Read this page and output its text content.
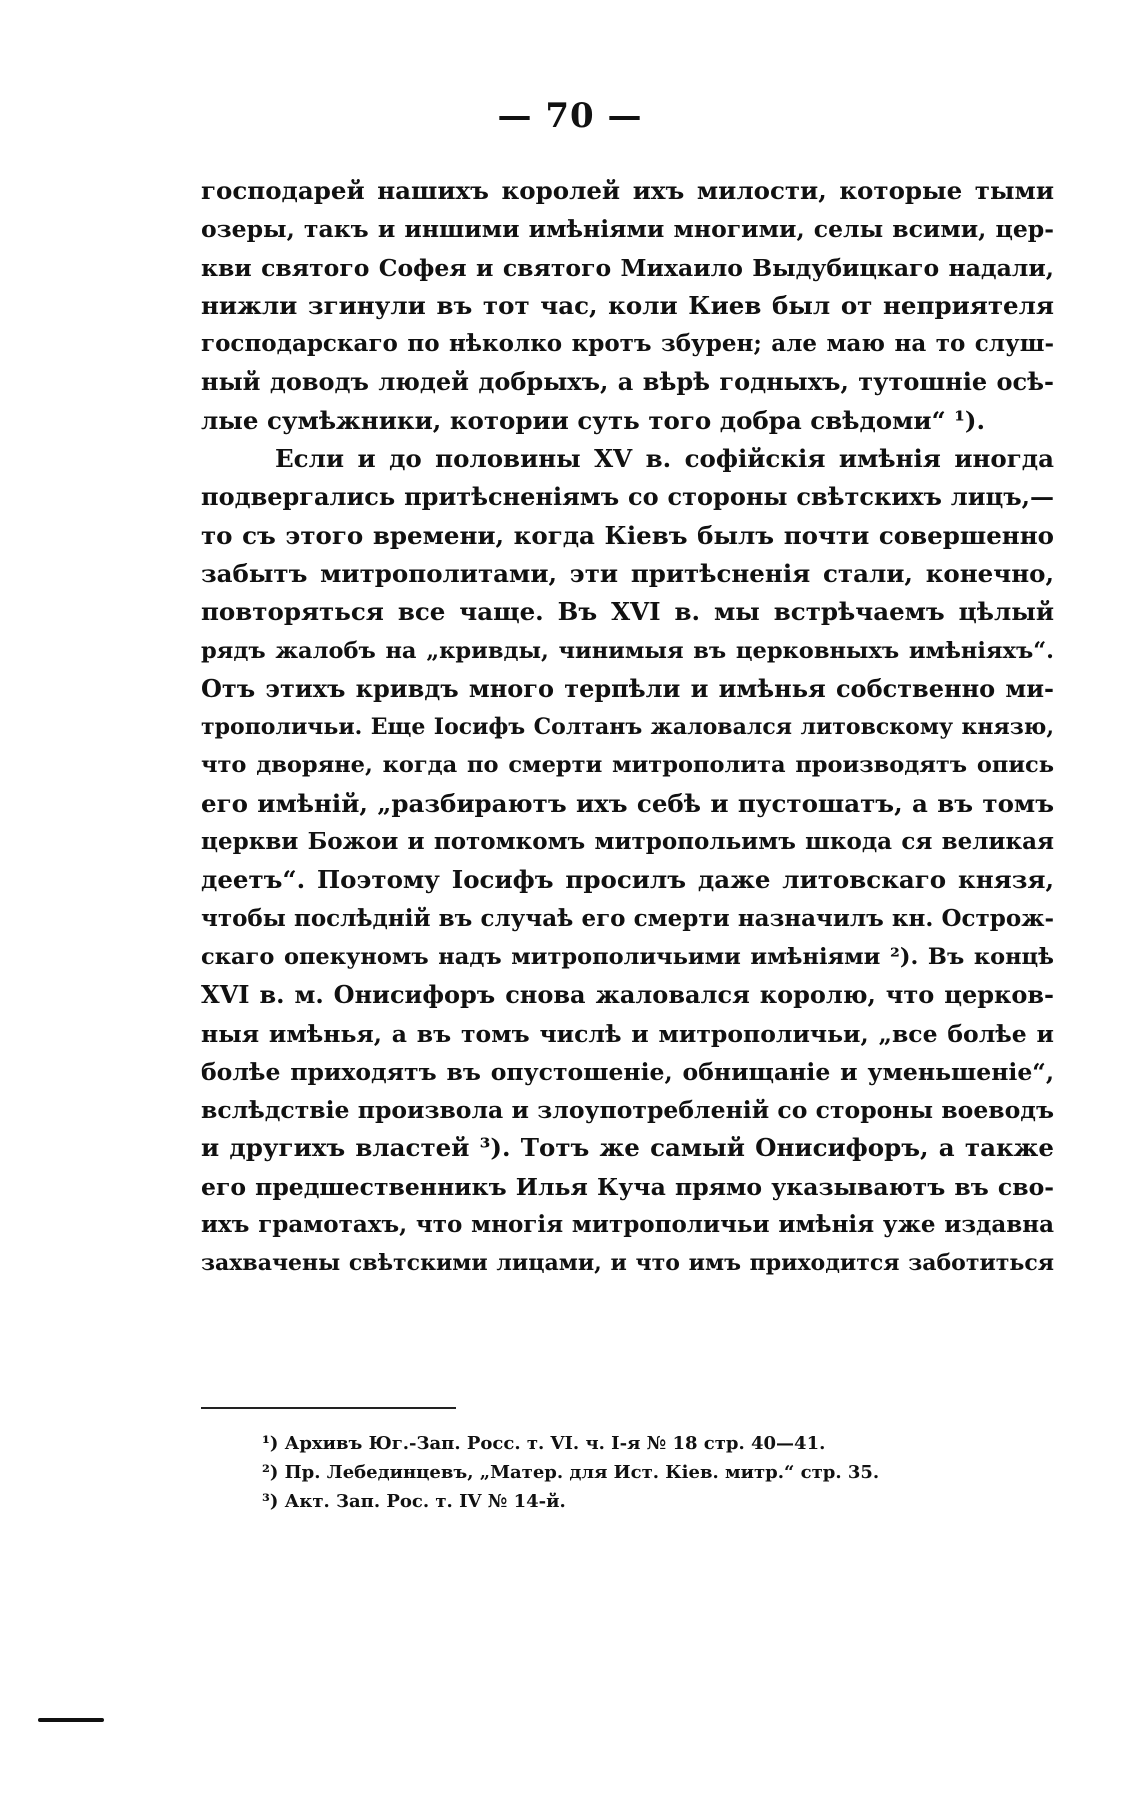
— 70 —
господарей нашихъ королей ихъ милости, которые тыми
озеры, такъ и иншими имѣніями многими, селы всими, цер-
кви святого Софея и святого Михаило Выдубицкаго надали,
нижли згинули въ тот час, коли Киев был от неприятеля
господарскаго по нѣколко кротъ збурен; але маю на то слуш-
ный доводъ людей добрыхъ, а вѣрѣ годныхъ, тутошніе осѣ-
лые сумѣжники, котории суть того добра свѣдоми“ ¹).
Если и до половины XV в. софійскія имѣнія иногда
подвергались притѣсненіямъ со стороны свѣтскихъ лицъ,—
то съ этого времени, когда Кіевъ былъ почти совершенно
забытъ митрополитами, эти притѣсненія стали, конечно,
повторяться все чаще. Въ XVI в. мы встрѣчаемъ цѣлый
рядъ жалобъ на „кривды, чинимыя въ церковныхъ имѣніяхъ“.
Отъ этихъ кривдъ много терпѣли и имѣнья собственно ми-
трополичьи. Еще Іосифъ Солтанъ жаловался литовскому князю,
что дворяне, когда по смерти митрополита производятъ опись
его имѣній, „разбираютъ ихъ себѣ и пустошатъ, а въ томъ
церкви Божои и потомкомъ митропольимъ шкода ся великая
деетъ“. Поэтому Іосифъ просилъ даже литовскаго князя,
чтобы послѣдній въ случаѣ его смерти назначилъ кн. Острож-
скаго опекуномъ надъ митрополичьими имѣніями ²). Въ концѣ
XVI в. м. Онисифоръ снова жаловался королю, что церков-
ныя имѣнья, а въ томъ числѣ и митрополичьи, „все болѣе и
болѣе приходятъ въ опустошеніе, обнищаніе и уменьшеніе“,
вслѣдствіе произвола и злоупотребленій со стороны воеводъ
и другихъ властей ³). Тотъ же самый Онисифоръ, а также
его предшественникъ Илья Куча прямо указываютъ въ сво-
ихъ грамотахъ, что многія митрополичьи имѣнія уже издавна
захвачены свѣтскими лицами, и что имъ приходится заботиться
¹) Архивъ Юг.-Зап. Росс. т. VI. ч. I-я № 18 стр. 40—41.
²) Пр. Лебединцевъ, „Матер. для Ист. Кіев. митр.“ стр. 35.
³) Акт. Зап. Рос. т. IV № 14-й.
